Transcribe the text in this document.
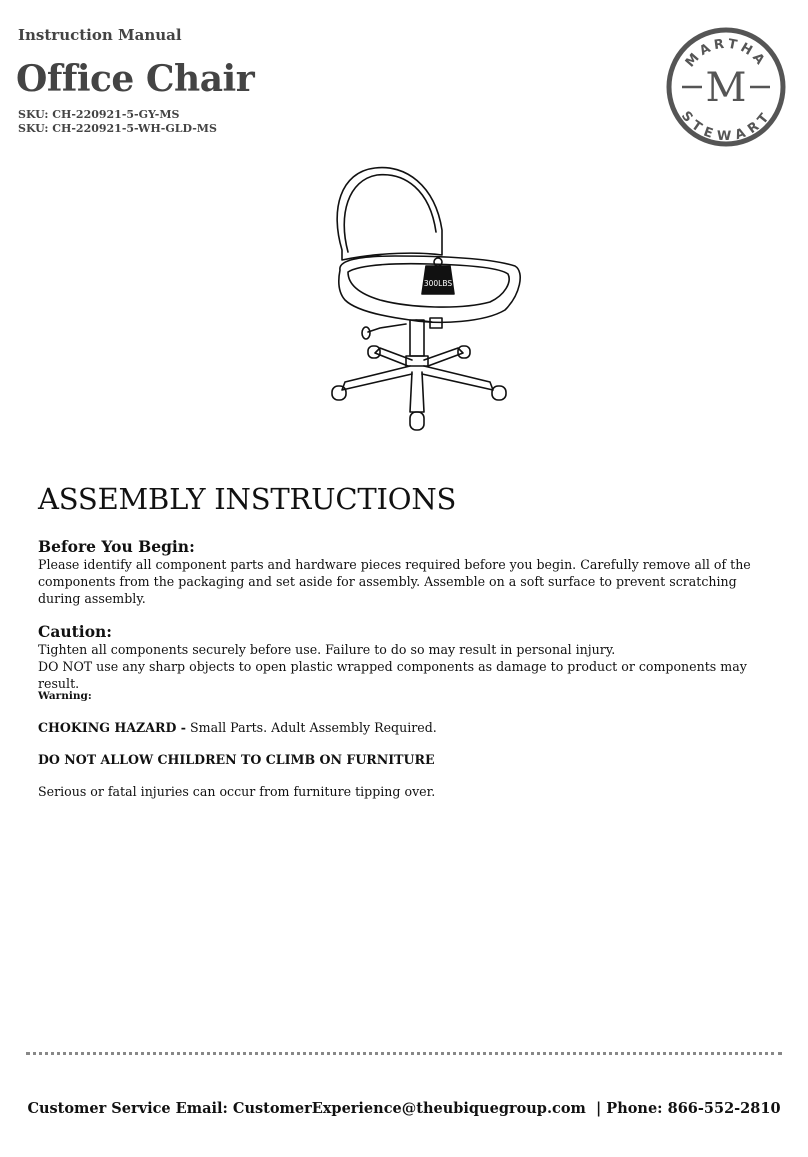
Instruction Manual
Office Chair
SKU: CH-220921-5-GY-MS
SKU: CH-220921-5-WH-GLD-MS
MARTHA
STEWART
M
300LBS
ASSEMBLY INSTRUCTIONS
Before You Begin:

Please identify all component parts and hardware pieces required before you begin. Carefully remove all of the components from the packaging and set aside for assembly. Assemble on a soft surface to prevent scratching during assembly.

Caution:
Tighten all components securely before use. Failure to do so may result in personal injury.
DO NOT use any sharp objects to open plastic wrapped components as damage to product or components may result.
Warning:
CHOKING HAZARD - Small Parts. Adult Assembly Required.
DO NOT ALLOW CHILDREN TO CLIMB ON FURNITURE
Serious or fatal injuries can occur from furniture tipping over.
Customer Service Email: CustomerExperience@theubiquegroup.com | Phone: 866-552-2810
